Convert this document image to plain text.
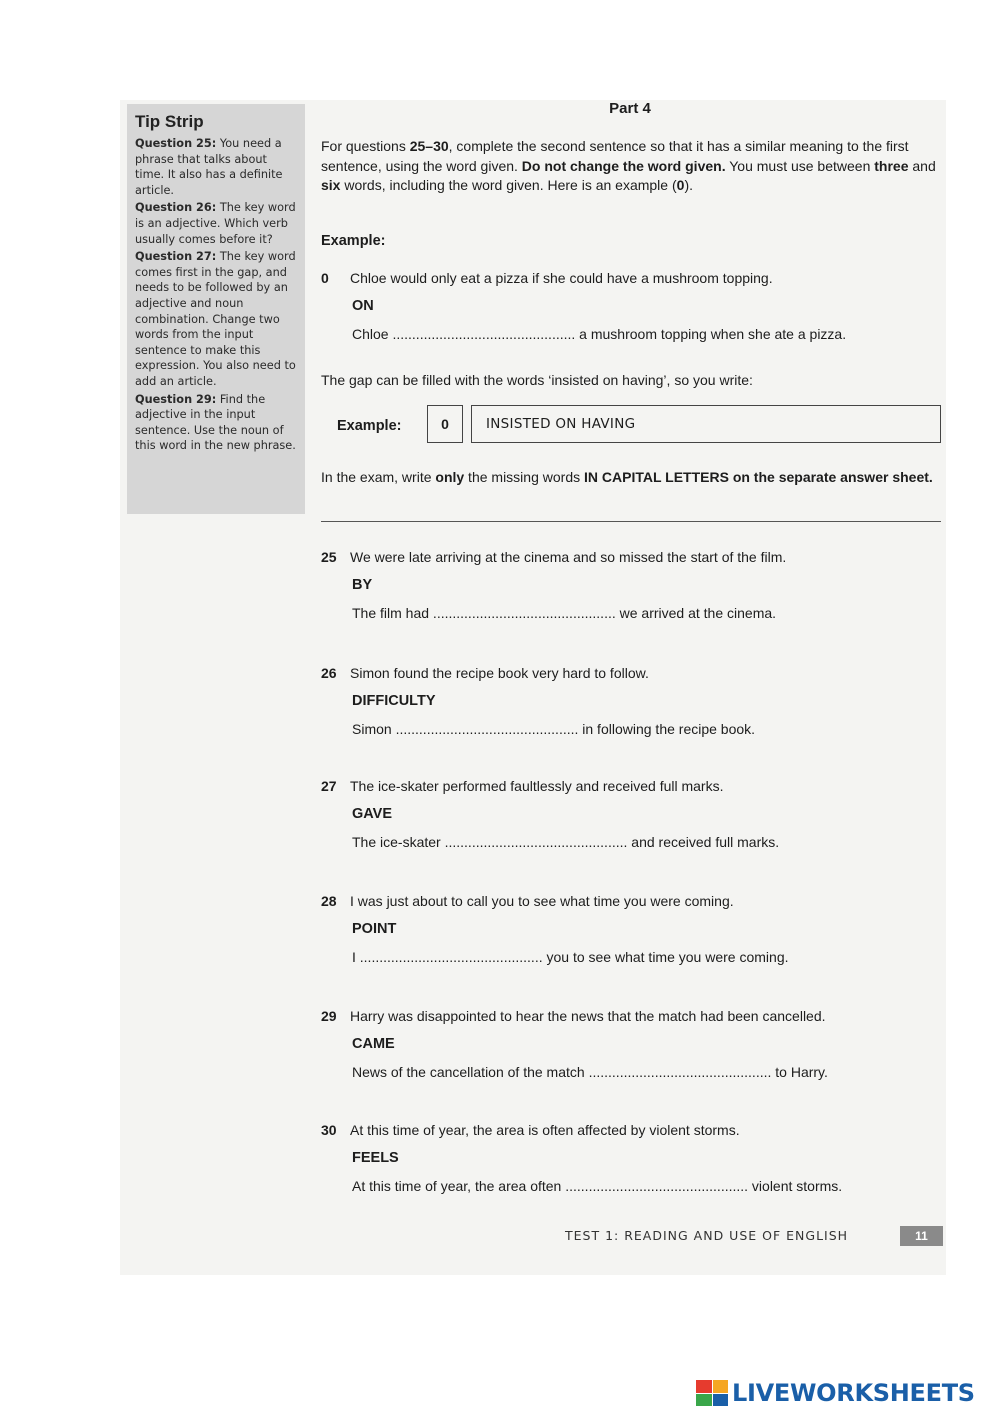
Tip Strip

Question 25: You need a phrase that talks about time. It also has a definite article.

Question 26: The key word is an adjective. Which verb usually comes before it?

Question 27: The key word comes first in the gap, and needs to be followed by an adjective and noun combination. Change two words from the input sentence to make this expression. You also need to add an article.

Question 29: Find the adjective in the input sentence. Use the noun of this word in the new phrase.

Part 4

For questions 25–30, complete the second sentence so that it has a similar meaning to the first sentence, using the word given. Do not change the word given. You must use between three and six words, including the word given. Here is an example (0).

Example:
0 Chloe would only eat a pizza if she could have a mushroom topping.
ON
Chloe ............................................... a mushroom topping when she ate a pizza.

The gap can be filled with the words ‘insisted on having’, so you write:

Example:	0	INSISTED ON HAVING

In the exam, write only the missing words IN CAPITAL LETTERS on the separate answer sheet.

25 We were late arriving at the cinema and so missed the start of the film.
BY
The film had ............................................... we arrived at the cinema.
26 Simon found the recipe book very hard to follow.
DIFFICULTY
Simon ............................................... in following the recipe book.
27 The ice-skater performed faultlessly and received full marks.
GAVE
The ice-skater ............................................... and received full marks.
28 I was just about to call you to see what time you were coming.
POINT
I ............................................... you to see what time you were coming.
29 Harry was disappointed to hear the news that the match had been cancelled.
CAME
News of the cancellation of the match ............................................... to Harry.
30 At this time of year, the area is often affected by violent storms.
FEELS
At this time of year, the area often ............................................... violent storms.
TEST 1: READING AND USE OF ENGLISH	11
LIVEWORKSHEETS
